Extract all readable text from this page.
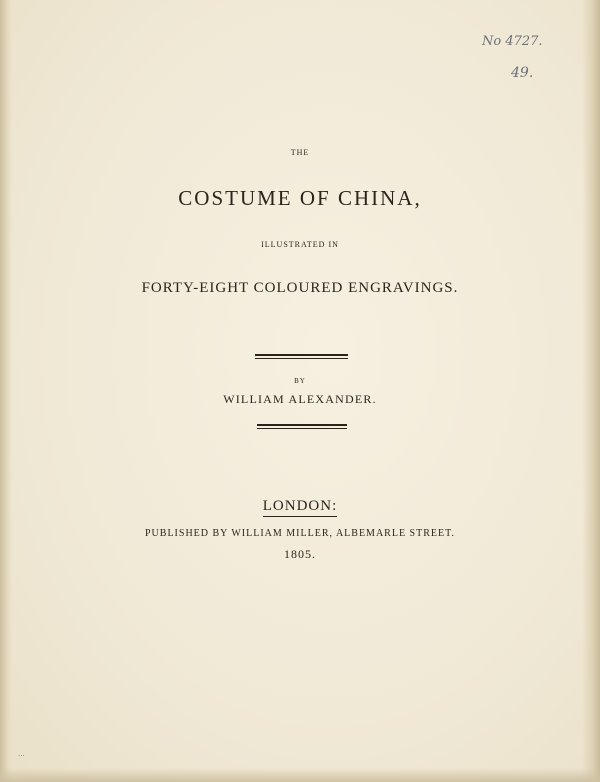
No 4727.
49.
...
THE
COSTUME OF CHINA,
ILLUSTRATED IN
FORTY-EIGHT COLOURED ENGRAVINGS.
BY
WILLIAM ALEXANDER.
LONDON:
PUBLISHED BY WILLIAM MILLER, ALBEMARLE STREET.
1805.
